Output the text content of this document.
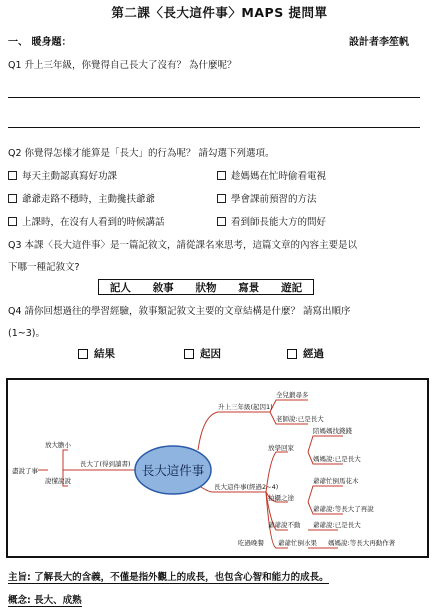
第二課〈長大這件事〉MAPS 提問單
一、 暖身題：	設計者李笙帆
Q1 升上三年級，你覺得自己長大了沒有？ 為什麼呢？
Q2 你覺得怎樣才能算是「長大」的行為呢？ 請勾選下列選項。
每天主動認真寫好功課	趁媽媽在忙時偷看電視
爺爺走路不穩時，主動攙扶爺爺	學會課前預習的方法
上課時，在沒有人看到的時候講話	看到師長能大方的問好
Q3 本課〈長大這件事〉是一篇記敘文，請從課名來思考，這篇文章的內容主要是以
下哪一種記敘文?
記人 敘事 狀物 寫景 遊記
Q4 請你回想過往的學習經驗，敘事類記敘文主要的文章結構是什麼？ 請寫出順序
(1~3)。
結果	起因	經過
長大這件事
盡說了事
放大膽小
說懂說說
長大了(得到讀書)
升上三年級(起因1)
全兒鍛尋多
老師說:已是長大
長大這件事(經過2~4)
放學回家
陪媽媽找錢錢
媽媽說:已是長大
拍攝之途
爺爺忙倒馬花木
爺爺說:等長大了再說
爺爺說不動 爺爺說:已是長大
吃過晚餐 爺爺忙倒水果 媽媽說:等長大再動作著
主旨: 了解長大的含義，不僅是指外觀上的成長，也包含心智和能力的成長。
概念: 長大、成熟
